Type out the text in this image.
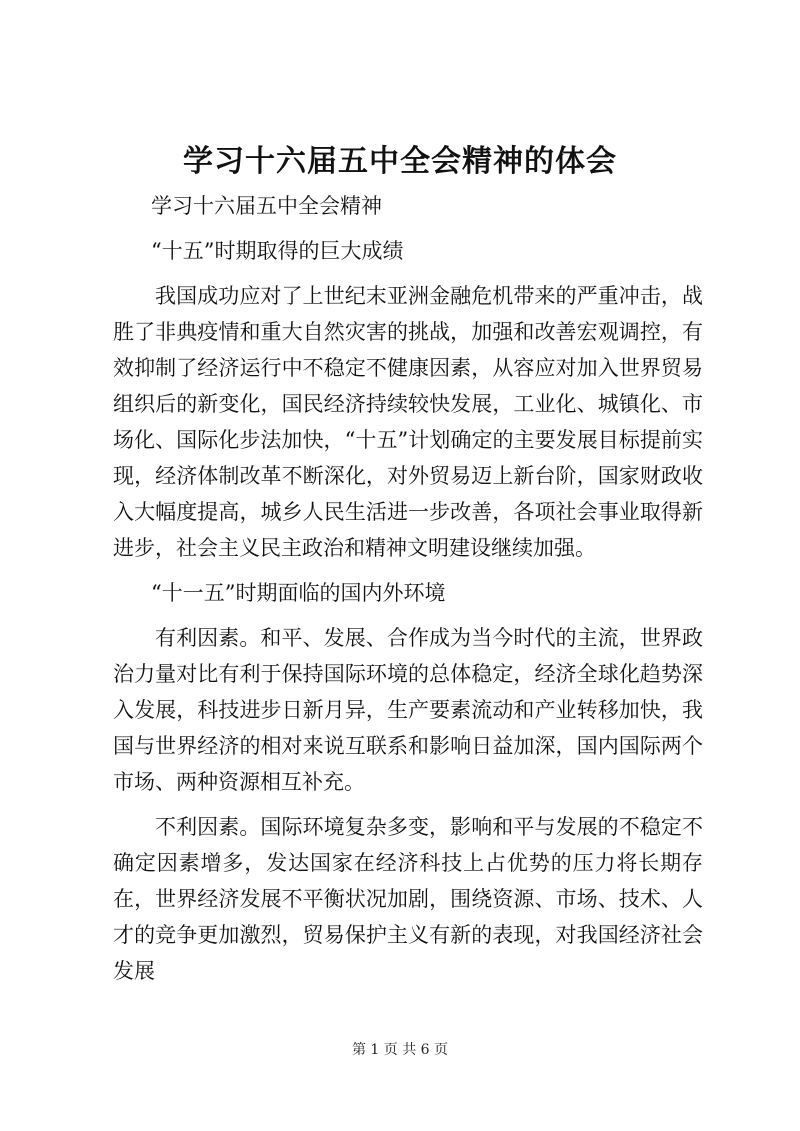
学习十六届五中全会精神的体会

学习十六届五中全会精神

“十五”时期取得的巨大成绩

我国成功应对了上世纪末亚洲金融危机带来的严重冲击，战胜了非典疫情和重大自然灾害的挑战，加强和改善宏观调控，有效抑制了经济运行中不稳定不健康因素，从容应对加入世界贸易组织后的新变化，国民经济持续较快发展，工业化、城镇化、市场化、国际化步法加快，“十五”计划确定的主要发展目标提前实现，经济体制改革不断深化，对外贸易迈上新台阶，国家财政收入大幅度提高，城乡人民生活进一步改善，各项社会事业取得新进步，社会主义民主政治和精神文明建设继续加强。

“十一五”时期面临的国内外环境

有利因素。和平、发展、合作成为当今时代的主流，世界政治力量对比有利于保持国际环境的总体稳定，经济全球化趋势深入发展，科技进步日新月异，生产要素流动和产业转移加快，我国与世界经济的相对来说互联系和影响日益加深，国内国际两个市场、两种资源相互补充。

不利因素。国际环境复杂多变，影响和平与发展的不稳定不确定因素增多，发达国家在经济科技上占优势的压力将长期存在，世界经济发展不平衡状况加剧，围绕资源、市场、技术、人才的竞争更加激烈，贸易保护主义有新的表现，对我国经济社会发展

第 1 页 共 6 页
